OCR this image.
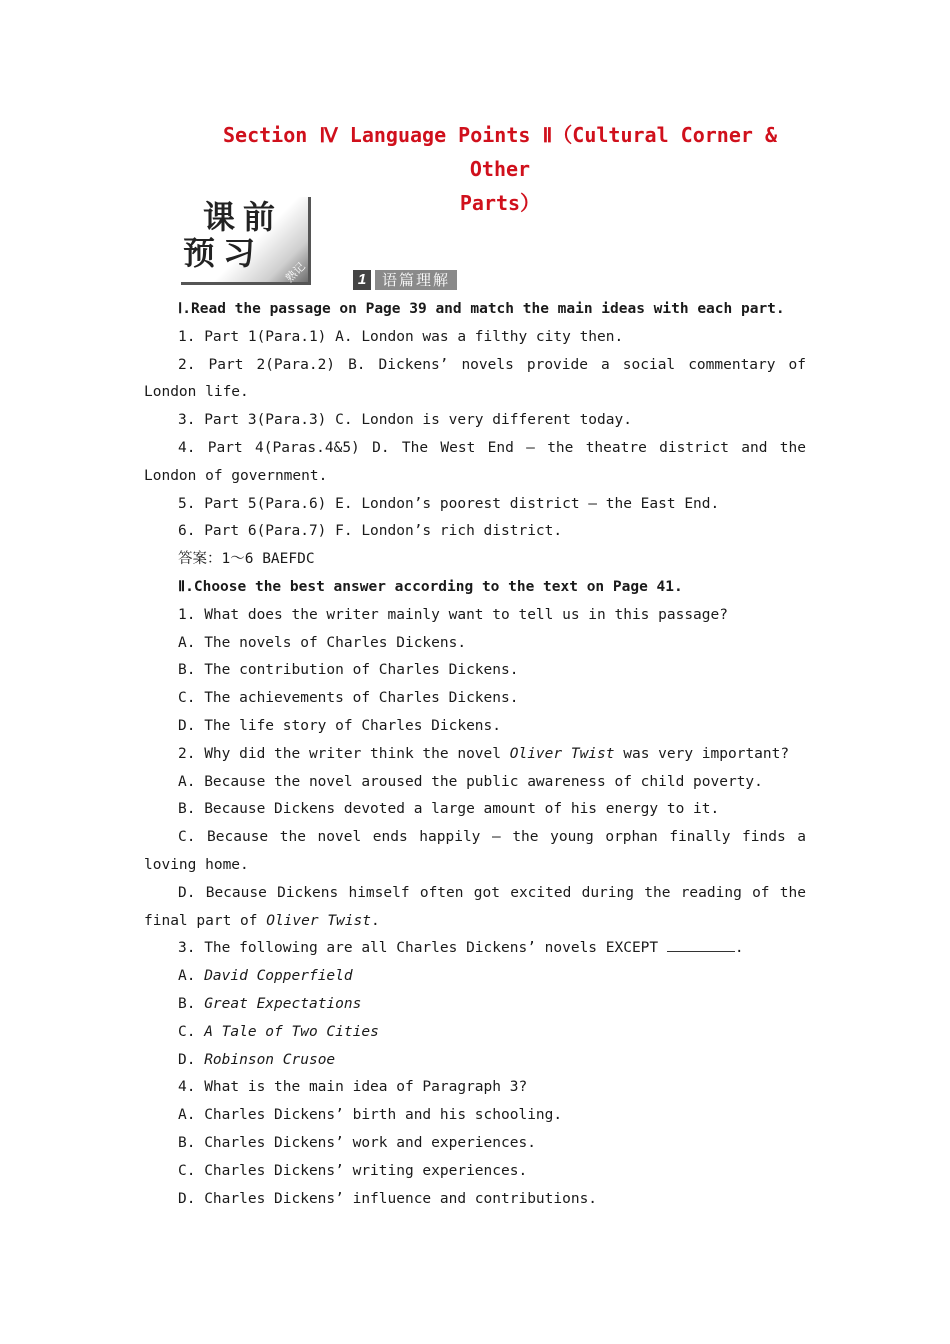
Section Ⅳ Language Points Ⅱ（Cultural Corner & Other
Parts）
课前
预习
熟记	1	语篇理解

Ⅰ.Read the passage on Page 39 and match the main ideas with each part.

1. Part 1(Para.1) A. London was a filthy city then.

2. Part 2(Para.2) B. Dickens’ novels provide a social commentary of London life.

3. Part 3(Para.3) C. London is very different today.

4. Part 4(Paras.4&5) D. The West End — the theatre district and the London of government.

5. Part 5(Para.6) E. London’s poorest district — the East End.

6. Part 6(Para.7) F. London’s rich district.

答案：1～6 BAEFDC

Ⅱ.Choose the best answer according to the text on Page 41.

1. What does the writer mainly want to tell us in this passage?

A. The novels of Charles Dickens.

B. The contribution of Charles Dickens.

C. The achievements of Charles Dickens.

D. The life story of Charles Dickens.

2. Why did the writer think the novel Oliver Twist was very important?

A. Because the novel aroused the public awareness of child poverty.

B. Because Dickens devoted a large amount of his energy to it.

C. Because the novel ends happily — the young orphan finally finds a loving home.

D. Because Dickens himself often got excited during the reading of the final part of Oliver Twist.

3. The following are all Charles Dickens’ novels EXCEPT	.

A. David Copperfield

B. Great Expectations

C. A Tale of Two Cities

D. Robinson Crusoe

4. What is the main idea of Paragraph 3?

A. Charles Dickens’ birth and his schooling.

B. Charles Dickens’ work and experiences.

C. Charles Dickens’ writing experiences.

D. Charles Dickens’ influence and contributions.
